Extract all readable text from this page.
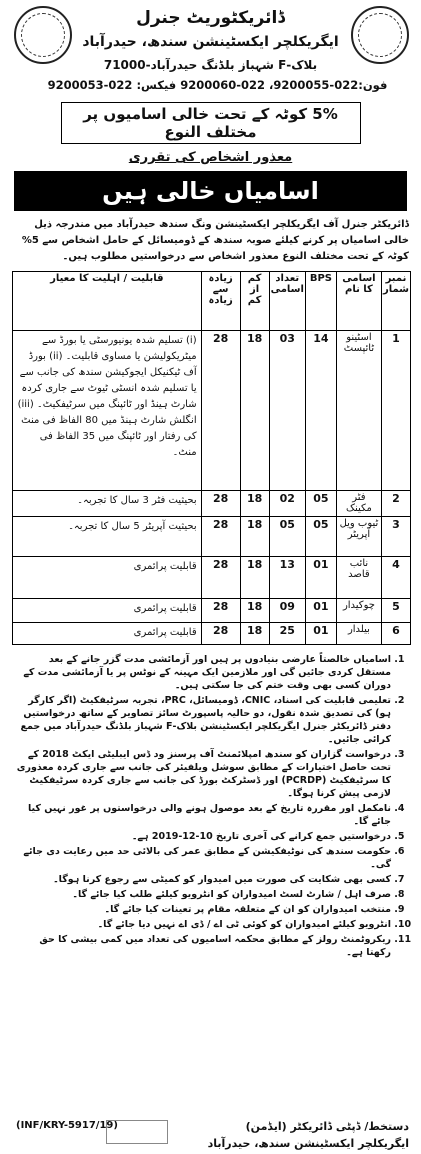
ڈائریکٹوریٹ جنرل
ایگریکلچر ایکسٹینشن سندھ، حیدرآباد
بلاک-F شہباز بلڈنگ حیدرآباد-71000
فون:022-9200055، 022-9200060 فیکس: 022-9200053
5% کوٹہ کے تحت خالی اسامیوں پر مختلف النوع
معذور اشخاص کی تقرری
اسامیاں خالی ہیں
ڈائریکٹر جنرل آف ایگریکلچر ایکسٹینشن ونگ سندھ حیدرآباد میں مندرجہ ذیل خالی اسامیاں پر کرنے کیلئے صوبہ سندھ کے ڈومیسائل کے حامل اشخاص سے 5% کوٹہ کے تحت مختلف النوع معذور اشخاص سے درخواستیں مطلوب ہیں۔
نمبر شمار	اسامی کا نام	BPS	تعداد اسامی	کم از کم	زیادہ سے زیادہ	قابلیت / اہلیت کا معیار
1	اسٹینو ٹائپسٹ	14	03	18	28	(i) تسلیم شدہ یونیورسٹی یا بورڈ سے میٹریکولیشن یا مساوی قابلیت۔ (ii) بورڈ آف ٹیکنیکل ایجوکیشن سندھ کی جانب سے یا تسلیم شدہ انسٹی ٹیوٹ سے جاری کردہ شارٹ ہینڈ اور ٹائپنگ میں سرٹیفکیٹ۔ (iii) انگلش شارٹ ہینڈ میں 80 الفاظ فی منٹ کی رفتار اور ٹائپنگ میں 35 الفاظ فی منٹ۔
2	فٹر مکینک	05	02	18	28	بحیثیت فٹر 3 سال کا تجربہ۔
3	ٹیوب ویل آپریٹر	05	05	18	28	بحیثیت آپریٹر 5 سال کا تجربہ۔
4	نائب قاصد	01	13	18	28	قابلیت پرائمری
5	چوکیدار	01	09	18	28	قابلیت پرائمری
6	بیلدار	01	25	18	28	قابلیت پرائمری
1. اسامیاں خالصتاً عارضی بنیادوں پر ہیں اور آزمائشی مدت گزر جانے کے بعد مستقل کردی جائیں گی اور ملازمین ایک مہینہ کے نوٹس پر یا آزمائشی مدت کے دوران کسی بھی وقت ختم کی جا سکتی ہیں۔
2. تعلیمی قابلیت کی اسناد، CNIC، ڈومیسائل، PRC، تجربہ سرٹیفکیٹ (اگر کارگر ہو) کی تصدیق شدہ نقول، دو حالیہ پاسپورٹ سائز تصاویر کے ساتھ درخواستیں دفتر ڈائریکٹر جنرل ایگریکلچر ایکسٹینشن بلاک-F شہباز بلڈنگ حیدرآباد میں جمع کرائی جائیں۔
3. درخواست گزاران کو سندھ امپلائمنٹ آف پرسنز ود ڈس ایبلیٹی ایکٹ 2018 کے تحت حاصل اختیارات کے مطابق سوشل ویلفیئر کی جانب سے جاری کردہ معذوری کا سرٹیفکیٹ (PCRDP) اور ڈسٹرکٹ بورڈ کی جانب سے جاری کردہ سرٹیفکیٹ لازمی پیش کرنا ہوگا۔
4. نامکمل اور مقررہ تاریخ کے بعد موصول ہونے والی درخواستوں پر غور نہیں کیا جائے گا۔
5. درخواستیں جمع کرانے کی آخری تاریخ 10-12-2019 ہے۔
6. حکومت سندھ کی نوٹیفکیشن کے مطابق عمر کی بالائی حد میں رعایت دی جائے گی۔
7. کسی بھی شکایت کی صورت میں امیدوار کو کمیٹی سے رجوع کرنا ہوگا۔
8. صرف اہل / شارٹ لسٹ امیدواران کو انٹرویو کیلئے طلب کیا جائے گا۔
9. منتخب امیدواران کو ان کے متعلقہ مقام پر تعینات کیا جائے گا۔
10. انٹرویو کیلئے امیدواران کو کوئی ٹی اے / ڈی اے نہیں دیا جائے گا۔
11. ریکروٹمنٹ رولز کے مطابق محکمہ اسامیوں کی تعداد میں کمی بیشی کا حق رکھتا ہے۔
(INF/KRY-5917/19)	دستخط/ ڈپٹی ڈائریکٹر (ایڈمن)
ایگریکلچر ایکسٹینشن سندھ، حیدرآباد
